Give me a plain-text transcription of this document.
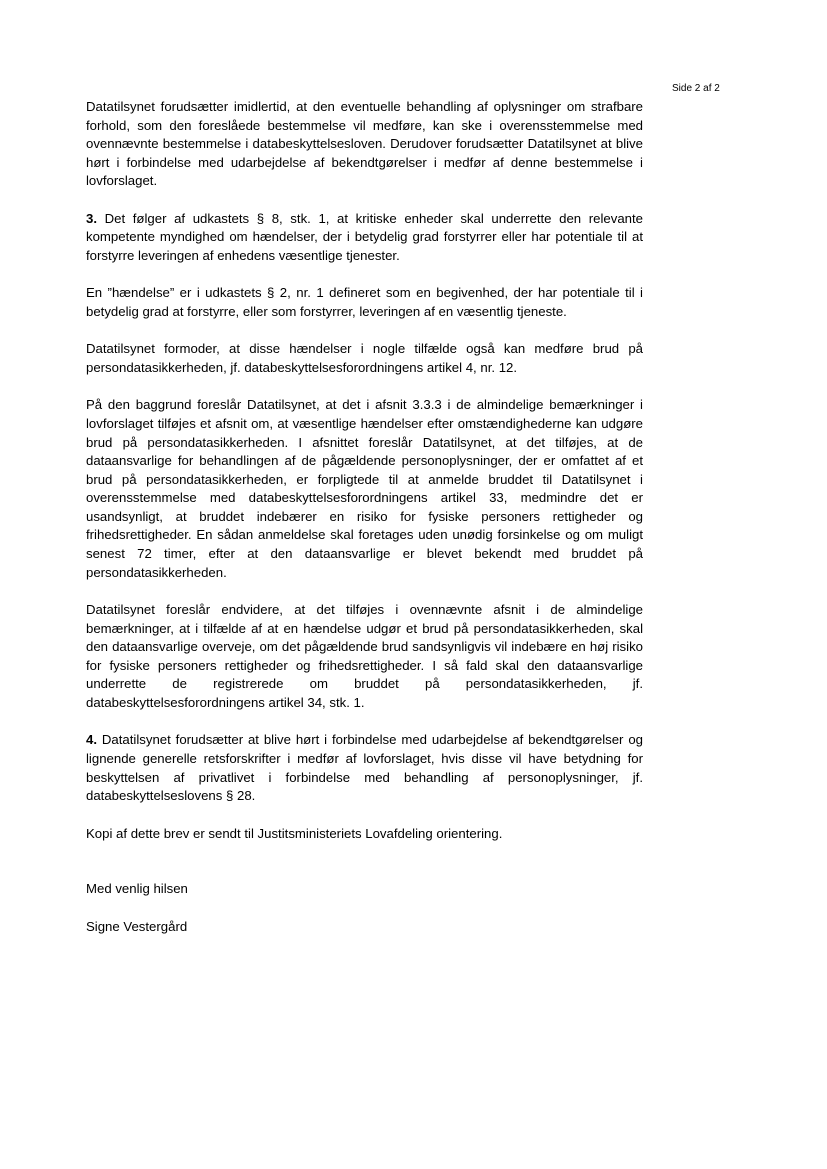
Side 2 af 2

Datatilsynet forudsætter imidlertid, at den eventuelle behandling af oplysninger om strafbare forhold, som den foreslåede bestemmelse vil medføre, kan ske i overensstemmelse med ovennævnte bestemmelse i databeskyttelsesloven. Derudover forudsætter Datatilsynet at blive hørt i forbindelse med udarbejdelse af bekendtgørelser i medfør af denne bestemmelse i lovforslaget.

3. Det følger af udkastets § 8, stk. 1, at kritiske enheder skal underrette den relevante kompetente myndighed om hændelser, der i betydelig grad forstyrrer eller har potentiale til at forstyrre leveringen af enhedens væsentlige tjenester.

En ”hændelse” er i udkastets § 2, nr. 1 defineret som en begivenhed, der har potentiale til i betydelig grad at forstyrre, eller som forstyrrer, leveringen af en væsentlig tjeneste.

Datatilsynet formoder, at disse hændelser i nogle tilfælde også kan medføre brud på persondatasikkerheden, jf. databeskyttelsesforordningens artikel 4, nr. 12.

På den baggrund foreslår Datatilsynet, at det i afsnit 3.3.3 i de almindelige bemærkninger i lovforslaget tilføjes et afsnit om, at væsentlige hændelser efter omstændighederne kan udgøre brud på persondatasikkerheden. I afsnittet foreslår Datatilsynet, at det tilføjes, at de dataansvarlige for behandlingen af de pågældende personoplysninger, der er omfattet af et brud på persondatasikkerheden, er forpligtede til at anmelde bruddet til Datatilsynet i overensstemmelse med databeskyttelsesforordningens artikel 33, medmindre det er usandsynligt, at bruddet indebærer en risiko for fysiske personers rettigheder og frihedsrettigheder. En sådan anmeldelse skal foretages uden unødig forsinkelse og om muligt senest 72 timer, efter at den dataansvarlige er blevet bekendt med bruddet på persondatasikkerheden.

Datatilsynet foreslår endvidere, at det tilføjes i ovennævnte afsnit i de almindelige bemærkninger, at i tilfælde af at en hændelse udgør et brud på persondatasikkerheden, skal den dataansvarlige overveje, om det pågældende brud sandsynligvis vil indebære en høj risiko for fysiske personers rettigheder og frihedsrettigheder. I så fald skal den dataansvarlige underrette de registrerede om bruddet på persondatasikkerheden, jf. databeskyttelsesforordningens artikel 34, stk. 1.

4. Datatilsynet forudsætter at blive hørt i forbindelse med udarbejdelse af bekendtgørelser og lignende generelle retsforskrifter i medfør af lovforslaget, hvis disse vil have betydning for beskyttelsen af privatlivet i forbindelse med behandling af personoplysninger, jf. databeskyttelseslovens § 28.

Kopi af dette brev er sendt til Justitsministeriets Lovafdeling orientering.

Med venlig hilsen
Signe Vestergård
